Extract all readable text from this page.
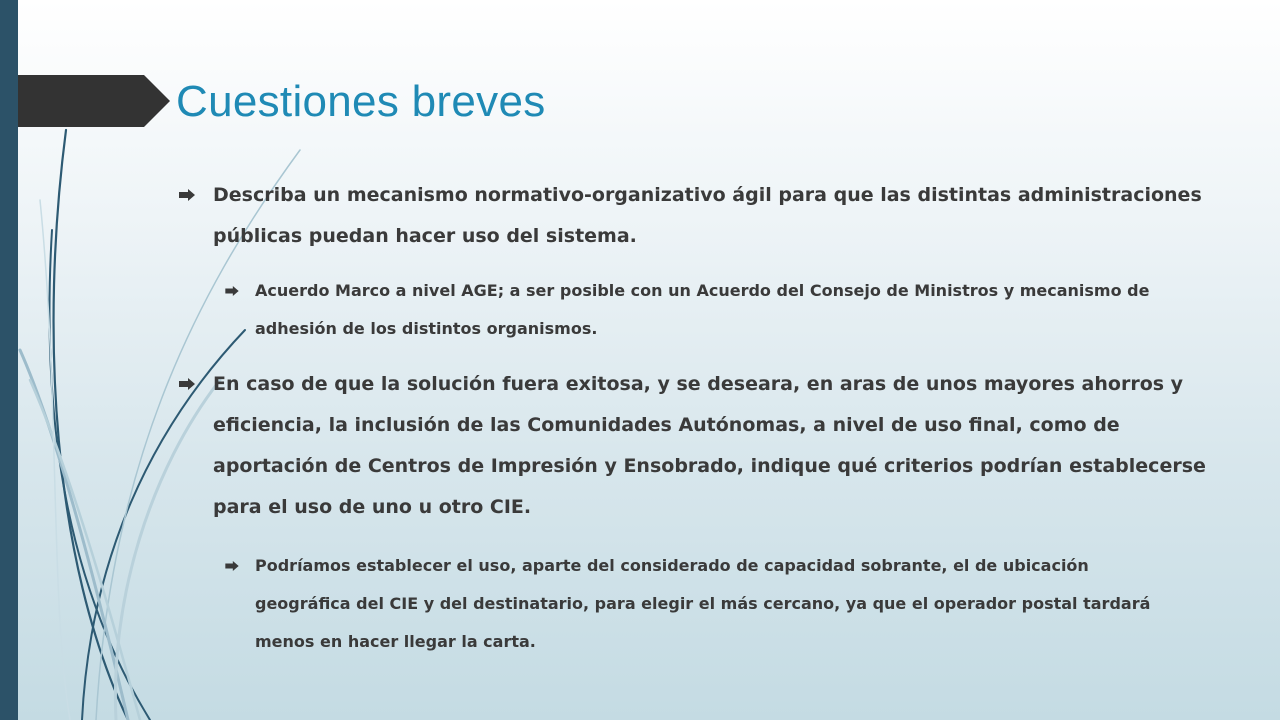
Cuestiones breves
Describa un mecanismo normativo-organizativo ágil para que las distintas administraciones públicas puedan hacer uso del sistema.
Acuerdo Marco a nivel AGE; a ser posible con un Acuerdo del Consejo de Ministros y mecanismo de adhesión de los distintos organismos.
En caso de que la solución fuera exitosa, y se deseara, en aras de unos mayores ahorros y eficiencia, la inclusión de las Comunidades Autónomas, a nivel de uso final, como de aportación de Centros de Impresión y Ensobrado, indique qué criterios podrían establecerse para el uso de uno u otro CIE.
Podríamos establecer el uso, aparte del considerado de capacidad sobrante, el de ubicación geográfica del CIE y del destinatario, para elegir el más cercano, ya que el operador postal tardará menos en hacer llegar la carta.
